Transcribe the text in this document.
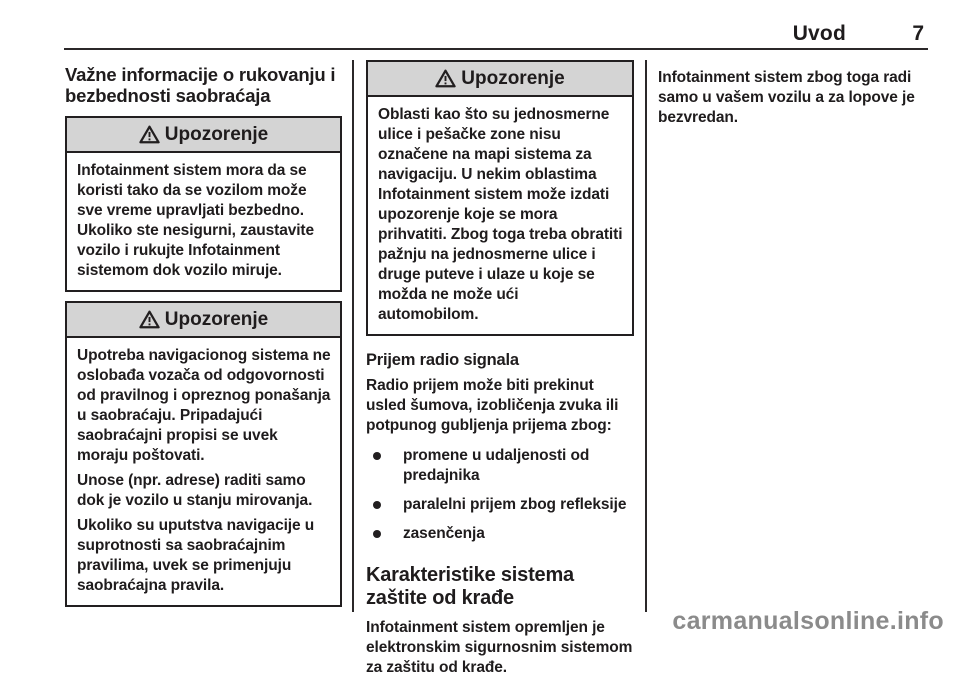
Uvod	7
Važne informacije o rukovanju i bezbednosti saobraćaja
Upozorenje

Infotainment sistem mora da se koristi tako da se vozilom može sve vreme upravljati bezbedno. Ukoliko ste nesigurni, zaustavite vozilo i rukujte Infotainment sistemom dok vozilo miruje.

Upozorenje

Upotreba navigacionog sistema ne oslobađa vozača od odgovornosti od pravilnog i opreznog ponašanja u saobraćaju. Pripadajući saobraćajni propisi se uvek moraju poštovati.

Unose (npr. adrese) raditi samo dok je vozilo u stanju mirovanja.

Ukoliko su uputstva navigacije u suprotnosti sa saobraćajnim pravilima, uvek se primenjuju saobraćajna pravila.

Upozorenje

Oblasti kao što su jednosmerne ulice i pešačke zone nisu označene na mapi sistema za navigaciju. U nekim oblastima Infotainment sistem može izdati upozorenje koje se mora prihvatiti. Zbog toga treba obratiti pažnju na jednosmerne ulice i druge puteve i ulaze u koje se možda ne može ući automobilom.

Prijem radio signala

Radio prijem može biti prekinut usled šumova, izobličenja zvuka ili potpunog gubljenja prijema zbog:

promene u udaljenosti od predajnika
paralelni prijem zbog refleksije
zasenčenja
Karakteristike sistema zaštite od krađe

Infotainment sistem opremljen je elektronskim sigurnosnim sistemom za zaštitu od krađe.

Infotainment sistem zbog toga radi samo u vašem vozilu a za lopove je bezvredan.

carmanualsonline.info
